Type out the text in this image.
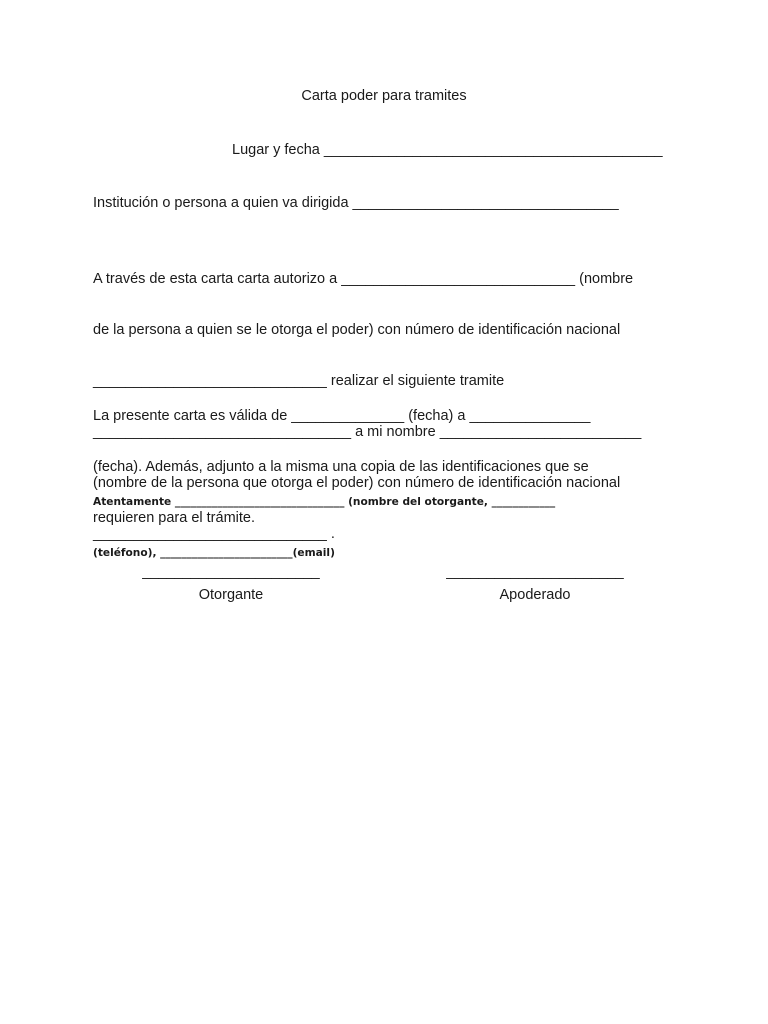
Carta poder para tramites
Lugar y fecha __________________________________________
Institución o persona a quien va dirigida _________________________________

A través de esta carta carta autorizo a _____________________________ (nombre

de la persona a quien se le otorga el poder) con número de identificación nacional

_____________________________ realizar el siguiente tramite

________________________________ a mi nombre _________________________

(nombre de la persona que otorga el poder) con número de identificación nacional

_____________________________ .

La presente carta es válida de ______________ (fecha) a _______________

(fecha). Además, adjunto a la misma una copia de las identificaciones que se

requieren para el trámite.

Atentamente ________________________________ (nombre del otorgante, ____________

(teléfono), _________________________(email)

______________________
Otorgante
______________________
Apoderado
